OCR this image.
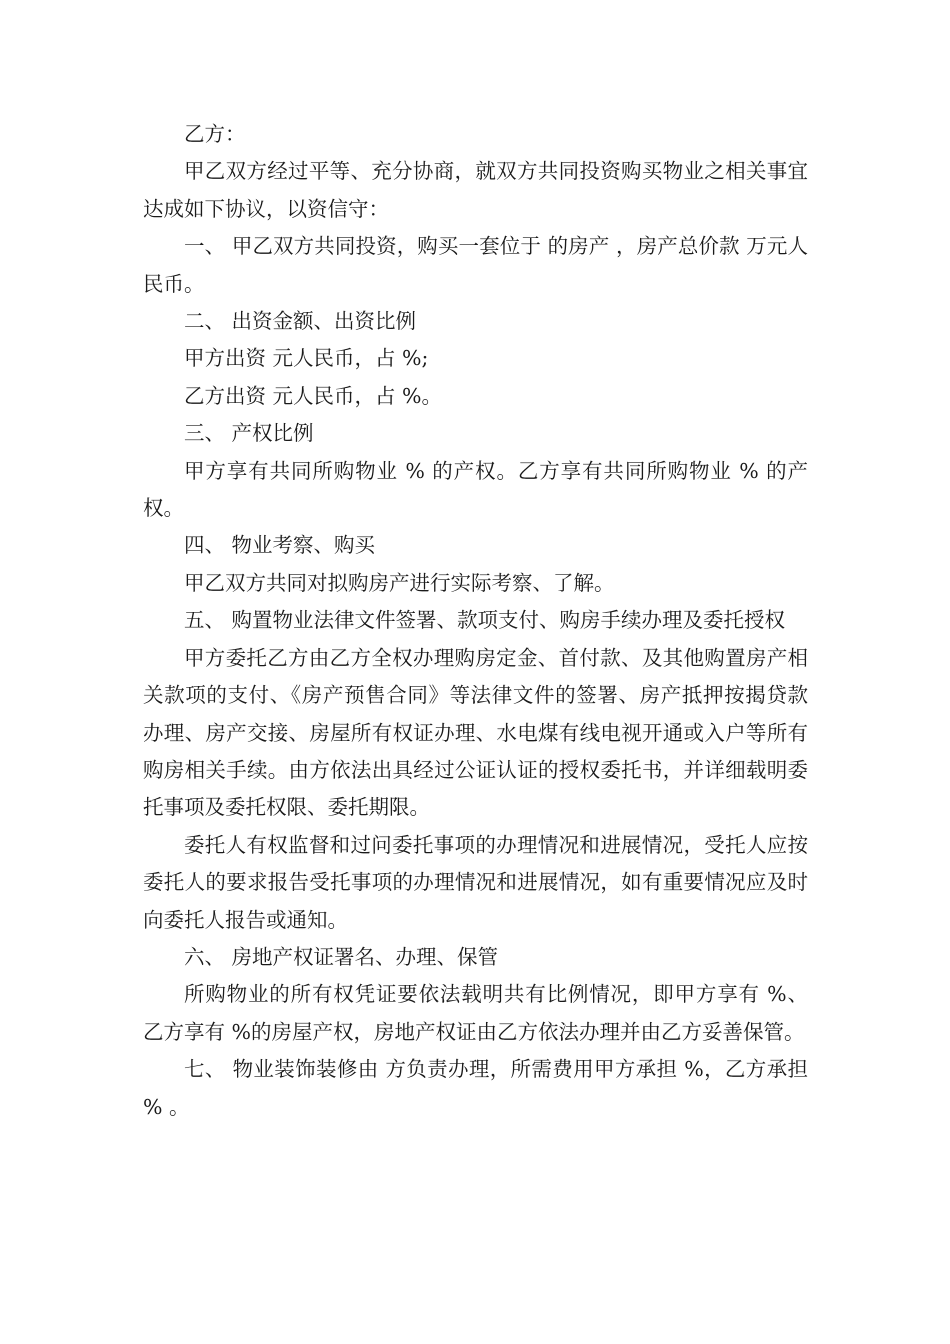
乙方：

甲乙双方经过平等、充分协商，就双方共同投资购买物业之相关事宜达成如下协议，以资信守：

一、 甲乙双方共同投资，购买一套位于 的房产 ，房产总价款 万元人民币。

二、 出资金额、出资比例

甲方出资 元人民币，占 %;

乙方出资 元人民币，占 %。

三、 产权比例

甲方享有共同所购物业 % 的产权。乙方享有共同所购物业 % 的产权。

四、 物业考察、购买

甲乙双方共同对拟购房产进行实际考察、了解。

五、 购置物业法律文件签署、款项支付、购房手续办理及委托授权

甲方委托乙方由乙方全权办理购房定金、首付款、及其他购置房产相关款项的支付、《房产预售合同》等法律文件的签署、房产抵押按揭贷款办理、房产交接、房屋所有权证办理、水电煤有线电视开通或入户等所有购房相关手续。由方依法出具经过公证认证的授权委托书，并详细载明委托事项及委托权限、委托期限。

委托人有权监督和过问委托事项的办理情况和进展情况，受托人应按委托人的要求报告受托事项的办理情况和进展情况，如有重要情况应及时向委托人报告或通知。

六、 房地产权证署名、办理、保管

所购物业的所有权凭证要依法载明共有比例情况，即甲方享有 %、 乙方享有 %的房屋产权，房地产权证由乙方依法办理并由乙方妥善保管。

七、 物业装饰装修由 方负责办理，所需费用甲方承担 %，乙方承担 % 。
